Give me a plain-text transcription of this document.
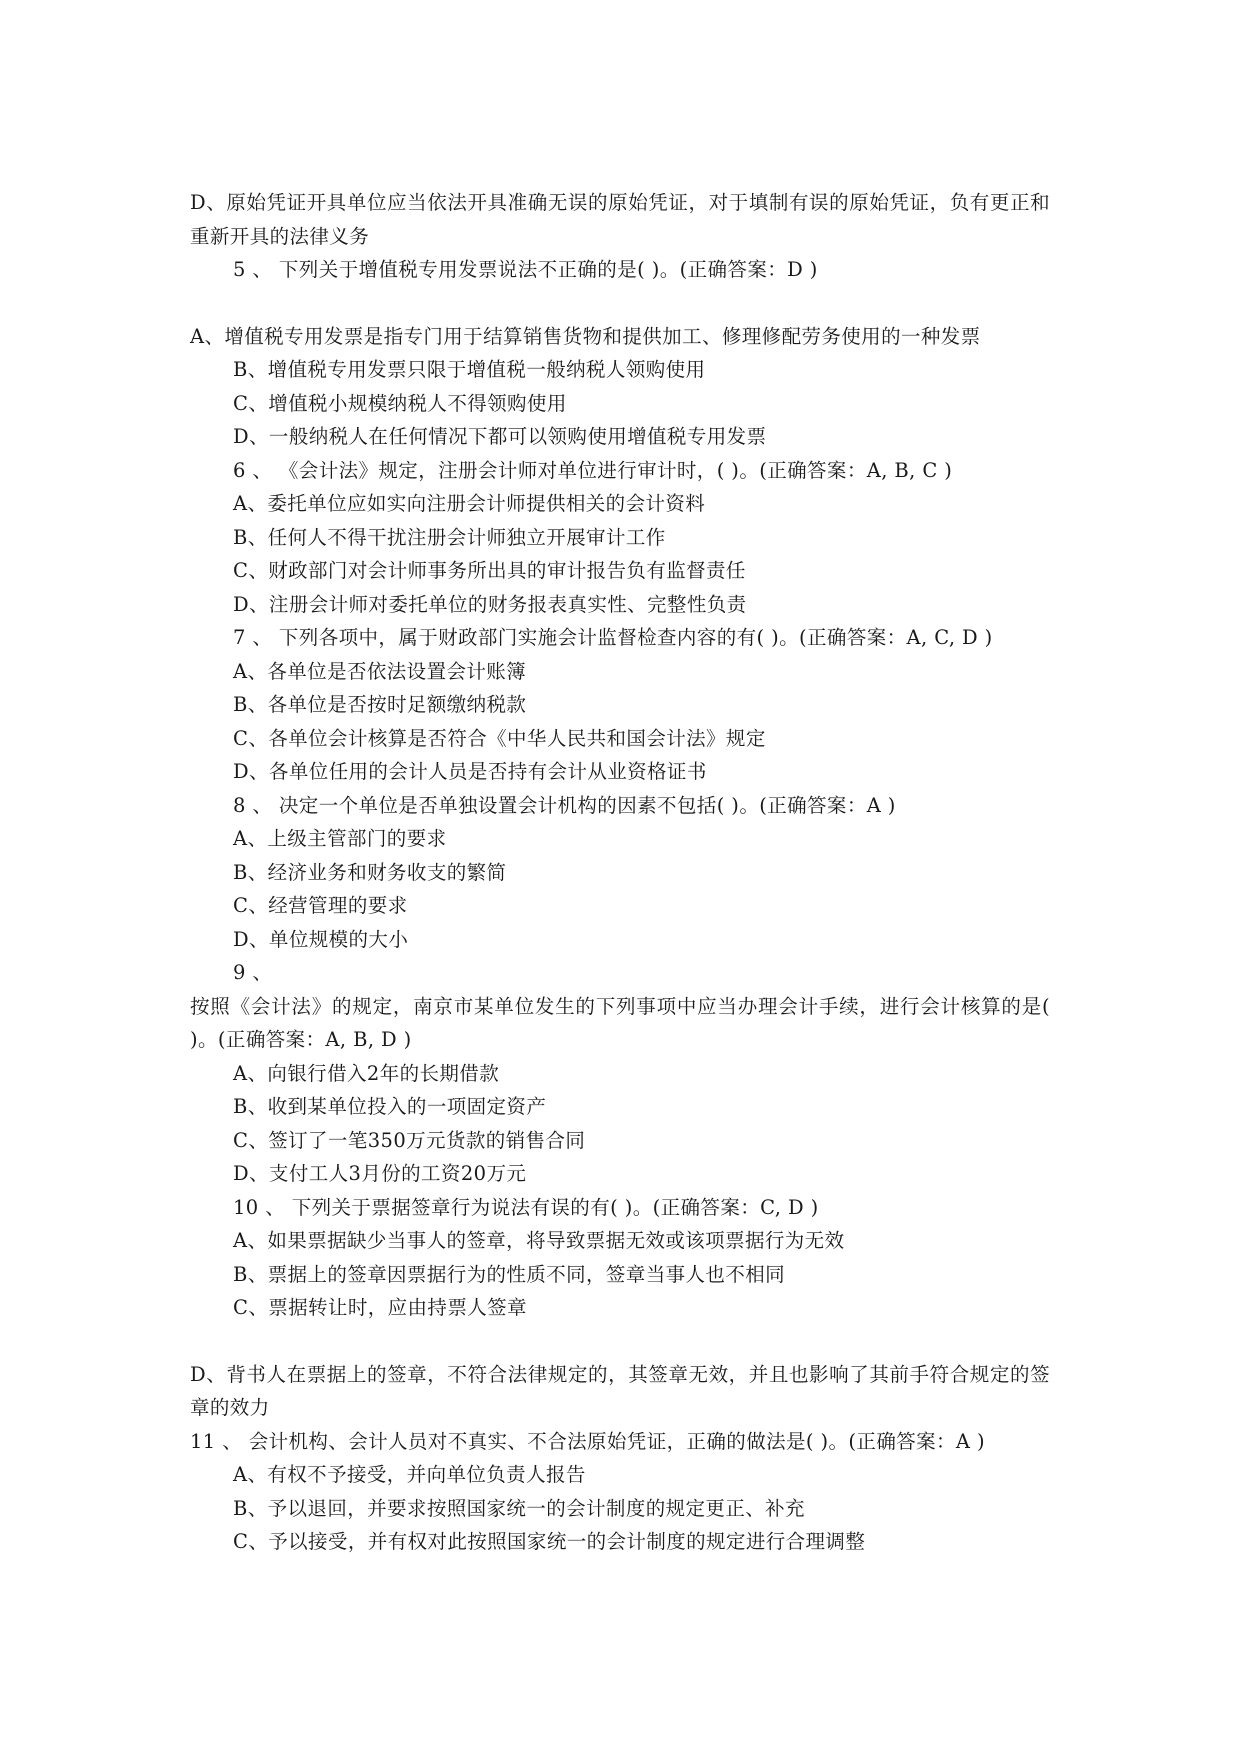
D、原始凭证开具单位应当依法开具准确无误的原始凭证，对于填制有误的原始凭证，负有更正和重新开具的法律义务
5 、 下列关于增值税专用发票说法不正确的是( )。(正确答案：D )
A、增值税专用发票是指专门用于结算销售货物和提供加工、修理修配劳务使用的一种发票
B、增值税专用发票只限于增值税一般纳税人领购使用
C、增值税小规模纳税人不得领购使用
D、一般纳税人在任何情况下都可以领购使用增值税专用发票
6 、 《会计法》规定，注册会计师对单位进行审计时，( )。(正确答案：A, B, C )
A、委托单位应如实向注册会计师提供相关的会计资料
B、任何人不得干扰注册会计师独立开展审计工作
C、财政部门对会计师事务所出具的审计报告负有监督责任
D、注册会计师对委托单位的财务报表真实性、完整性负责
7 、 下列各项中，属于财政部门实施会计监督检查内容的有( )。(正确答案：A, C, D )
A、各单位是否依法设置会计账簿
B、各单位是否按时足额缴纳税款
C、各单位会计核算是否符合《中华人民共和国会计法》规定
D、各单位任用的会计人员是否持有会计从业资格证书
8 、 决定一个单位是否单独设置会计机构的因素不包括( )。(正确答案：A )
A、上级主管部门的要求
B、经济业务和财务收支的繁简
C、经营管理的要求
D、单位规模的大小
9 、
按照《会计法》的规定，南京市某单位发生的下列事项中应当办理会计手续，进行会计核算的是( )。(正确答案：A, B, D )
A、向银行借入2年的长期借款
B、收到某单位投入的一项固定资产
C、签订了一笔350万元货款的销售合同
D、支付工人3月份的工资20万元
10 、 下列关于票据签章行为说法有误的有( )。(正确答案：C, D )
A、如果票据缺少当事人的签章，将导致票据无效或该项票据行为无效
B、票据上的签章因票据行为的性质不同，签章当事人也不相同
C、票据转让时，应由持票人签章
D、背书人在票据上的签章，不符合法律规定的，其签章无效，并且也影响了其前手符合规定的签章的效力
11 、 会计机构、会计人员对不真实、不合法原始凭证，正确的做法是( )。(正确答案：A )
A、有权不予接受，并向单位负责人报告
B、予以退回，并要求按照国家统一的会计制度的规定更正、补充
C、予以接受，并有权对此按照国家统一的会计制度的规定进行合理调整
